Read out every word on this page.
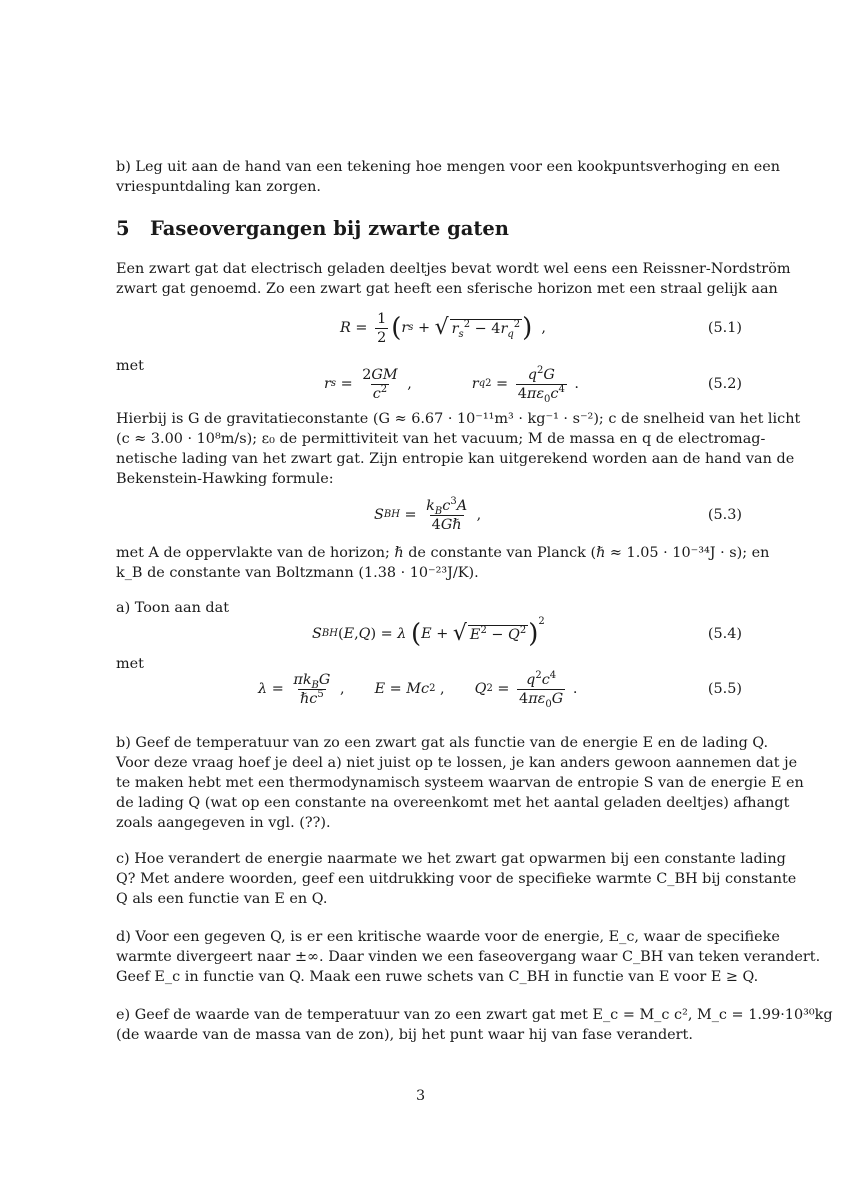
b) Leg uit aan de hand van een tekening hoe mengen voor een kookpuntsverhoging en een
vriespuntdaling kan zorgen.
5 Faseovergangen bij zwarte gaten
Een zwart gat dat electrisch geladen deeltjes bevat wordt wel eens een Reissner-Nordström
zwart gat genoemd. Zo een zwart gat heeft een sferische horizon met een straal gelijk aan
$R = \frac{1}{2}$ ( r s + √ $r_s^2 - 4r_q^2$ ) ,	(5.1)
met
r $s = \frac{2GM}{c^2}$ ,	r q $2 = \frac{q^2G}{4\pi\varepsilon_0c^4}$ .	(5.2)
Hierbij is G de gravitatieconstante (G ≈ 6.67 · 10⁻¹¹m³ · kg⁻¹ · s⁻²); c de snelheid van het licht
(c ≈ 3.00 · 10⁸m/s); ε₀ de permittiviteit van het vacuum; M de massa en q de electromag-
netische lading van het zwart gat. Zijn entropie kan uitgerekend worden aan de hand van de
Bekenstein-Hawking formule:
S BH = $\frac{k_Bc^3A}{\text{4Gℏ}}$ ,	(5.3)
met A de oppervlakte van de horizon; ℏ de constante van Planck (ℏ ≈ 1.05 · 10⁻³⁴J · s); en
k_B de constante van Boltzmann (1.38 · 10⁻²³J/K).
a) Toon aan dat
S BH ( E , Q ) = λ
( E + √ $E^2 - Q^2$ )$^2$
(5.4)
met
$\lambda = \frac{\pi k_BG}{\hbar c^5}$ , E = Mc 2 , Q $2 = \frac{q^2c^4}{4\pi\varepsilon_0G}$ .	(5.5)
b) Geef de temperatuur van zo een zwart gat als functie van de energie E en de lading Q.
Voor deze vraag hoef je deel a) niet juist op te lossen, je kan anders gewoon aannemen dat je
te maken hebt met een thermodynamisch systeem waarvan de entropie S van de energie E en
de lading Q (wat op een constante na overeenkomt met het aantal geladen deeltjes) afhangt
zoals aangegeven in vgl. (??).
c) Hoe verandert de energie naarmate we het zwart gat opwarmen bij een constante lading
Q? Met andere woorden, geef een uitdrukking voor de specifieke warmte C_BH bij constante
Q als een functie van E en Q.
d) Voor een gegeven Q, is er een kritische waarde voor de energie, E_c, waar de specifieke
warmte divergeert naar ±∞. Daar vinden we een faseovergang waar C_BH van teken verandert.
Geef E_c in functie van Q. Maak een ruwe schets van C_BH in functie van E voor E ≥ Q.
e) Geef de waarde van de temperatuur van zo een zwart gat met E_c = M_c c², M_c = 1.99·10³⁰kg
(de waarde van de massa van de zon), bij het punt waar hij van fase verandert.
3
